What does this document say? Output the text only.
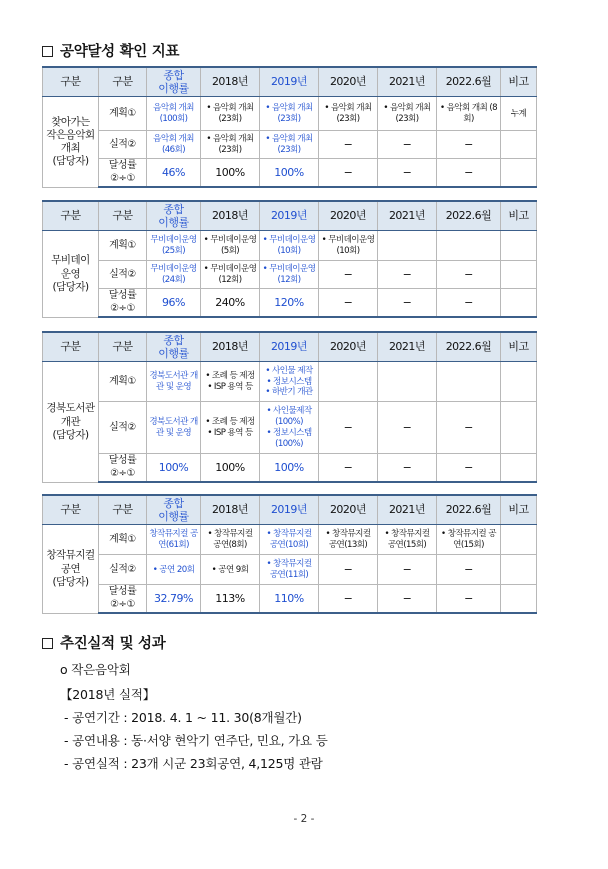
공약달성 확인 지표
구분	구분	종합
이행률	2018년	2019년	2020년	2021년	2022.6월	비고

찾아가는
작은음악회
개최
(담당자)	계획①	음악회 개최 (100회)	• 음악회 개최 (23회)	• 음악회 개최 (23회)	• 음악회 개최 (23회)	• 음악회 개최 (23회)	• 음악회 개최 (8회)	누계
	실적②	음악회 개최 (46회)	• 음악회 개최 (23회)	• 음악회 개최 (23회)	−	−	−	

	달성률
②÷①	46%	100%	100%	−	−	−	
구분	구분	종합
이행률	2018년	2019년	2020년	2021년	2022.6월	비고

무비데이
운영
(담당자)	계획①	무비데이운영 (25회)	• 무비데이운영 (5회)	• 무비데이운영 (10회)	• 무비데이운영 (10회)			
	실적②	무비데이운영 (24회)	• 무비데이운영 (12회)	• 무비데이운영 (12회)	−	−	−	

	달성률
②÷①	96%	240%	120%	−	−	−	
구분	구분	종합
이행률	2018년	2019년	2020년	2021년	2022.6월	비고

경북도서관
개관
(담당자)	계획①	경북도서관 개관 및 운영	• 조례 등 제정
• ISP 용역 등	• 사인물 제작
• 정보시스템
• 하반기 개관				

	실적②	경북도서관 개관 및 운영	• 조례 등 제정
• ISP 용역 등	• 사인물제작
(100%)
• 정보시스템
(100%)	−	−	−	

	달성률
②÷①	100%	100%	100%	−	−	−	
구분	구분	종합
이행률	2018년	2019년	2020년	2021년	2022.6월	비고

창작뮤지컬
공연
(담당자)	계획①	창작뮤지컬 공연(61회)	• 창작뮤지컬 공연(8회)	• 창작뮤지컬 공연(10회)	• 창작뮤지컬 공연(13회)	• 창작뮤지컬 공연(15회)	• 창작뮤지컬 공연(15회)	
	실적②	• 공연 20회	• 공연 9회	• 창작뮤지컬 공연(11회)	−	−	−	

	달성률
②÷①	32.79%	113%	110%	−	−	−	
추진실적 및 성과
o 작은음악회
【2018년 실적】
- 공연기간 : 2018. 4. 1 ~ 11. 30(8개월간)
- 공연내용 : 동·서양 현악기 연주단, 민요, 가요 등
- 공연실적 : 23개 시군 23회공연, 4,125명 관람
- 2 -
